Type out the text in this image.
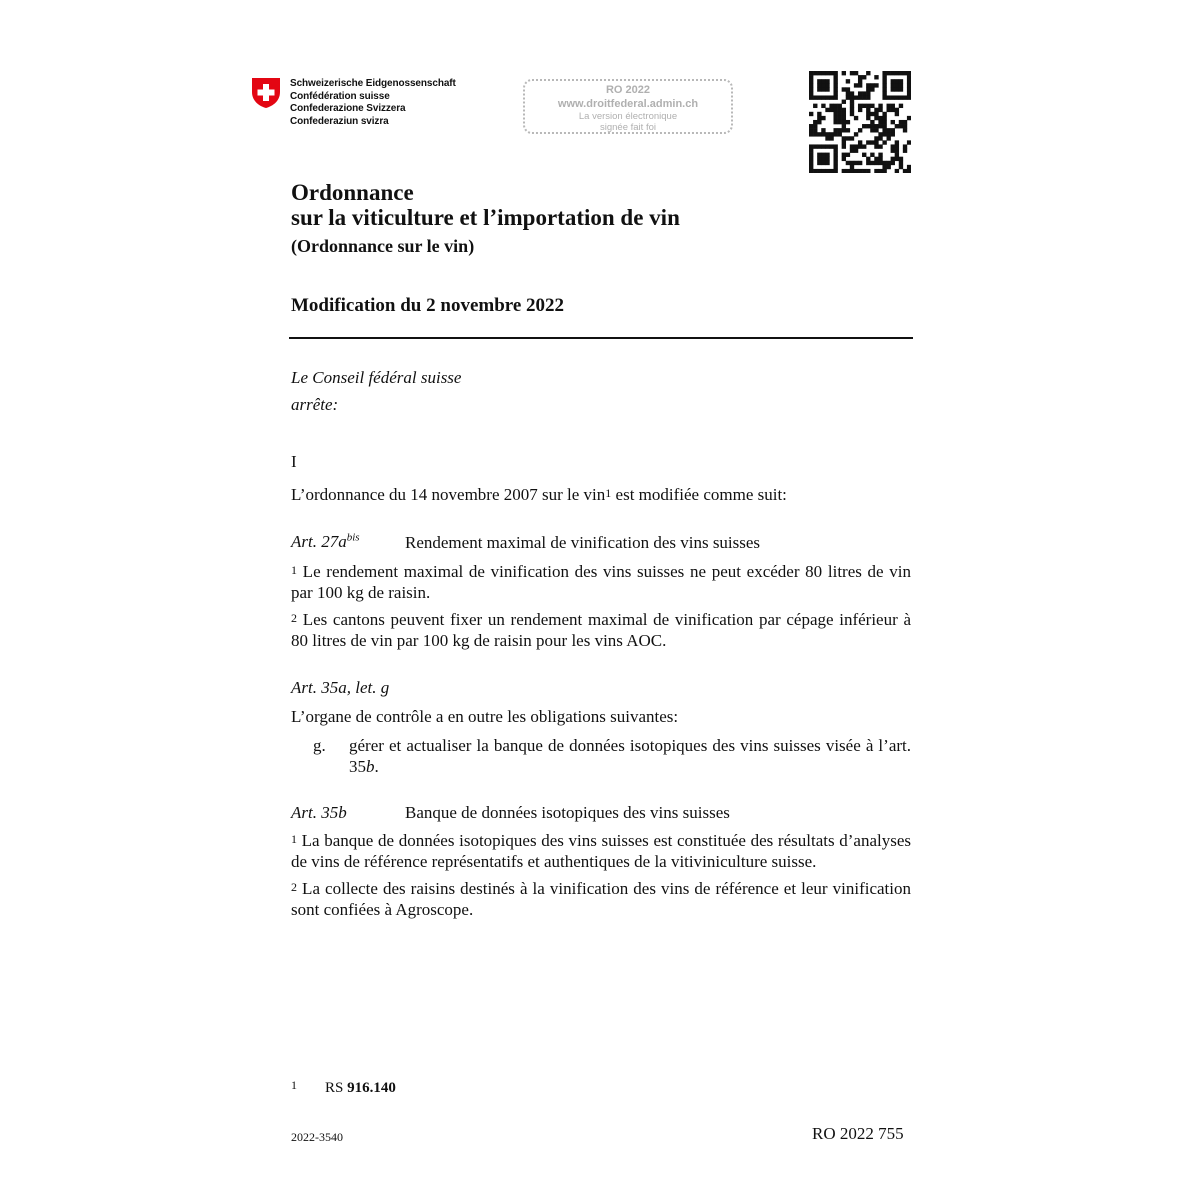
Schweizerische Eidgenossenschaft
Confédération suisse
Confederazione Svizzera
Confederaziun svizra
RO 2022
www.droitfederal.admin.ch
La version électronique
signée fait foi
Ordonnance
sur la viticulture et l’importation de vin
(Ordonnance sur le vin)
Modification du 2 novembre 2022
Le Conseil fédéral suisse
arrête:
I
L’ordonnance du 14 novembre 2007 sur le vin$^1$ est modifiée comme suit:
Art. $27a^{bis}$	Rendement maximal de vinification des vins suisses
$^1$ Le rendement maximal de vinification des vins suisses ne peut excéder 80 litres de vin par 100 kg de raisin.
$^2$ Les cantons peuvent fixer un rendement maximal de vinification par cépage inférieur à 80 litres de vin par 100 kg de raisin pour les vins AOC.
Art. 35a, let. g
L’organe de contrôle a en outre les obligations suivantes:
g. gérer et actualiser la banque de données isotopiques des vins suisses visée à l’art. 35b.
Art. 35b	Banque de données isotopiques des vins suisses
$^1$ La banque de données isotopiques des vins suisses est constituée des résultats d’analyses de vins de référence représentatifs et authentiques de la vitiviniculture suisse.
$^2$ La collecte des raisins destinés à la vinification des vins de référence et leur vinification sont confiées à Agroscope.
1 RS 916.140
2022-3540	RO 2022 755
